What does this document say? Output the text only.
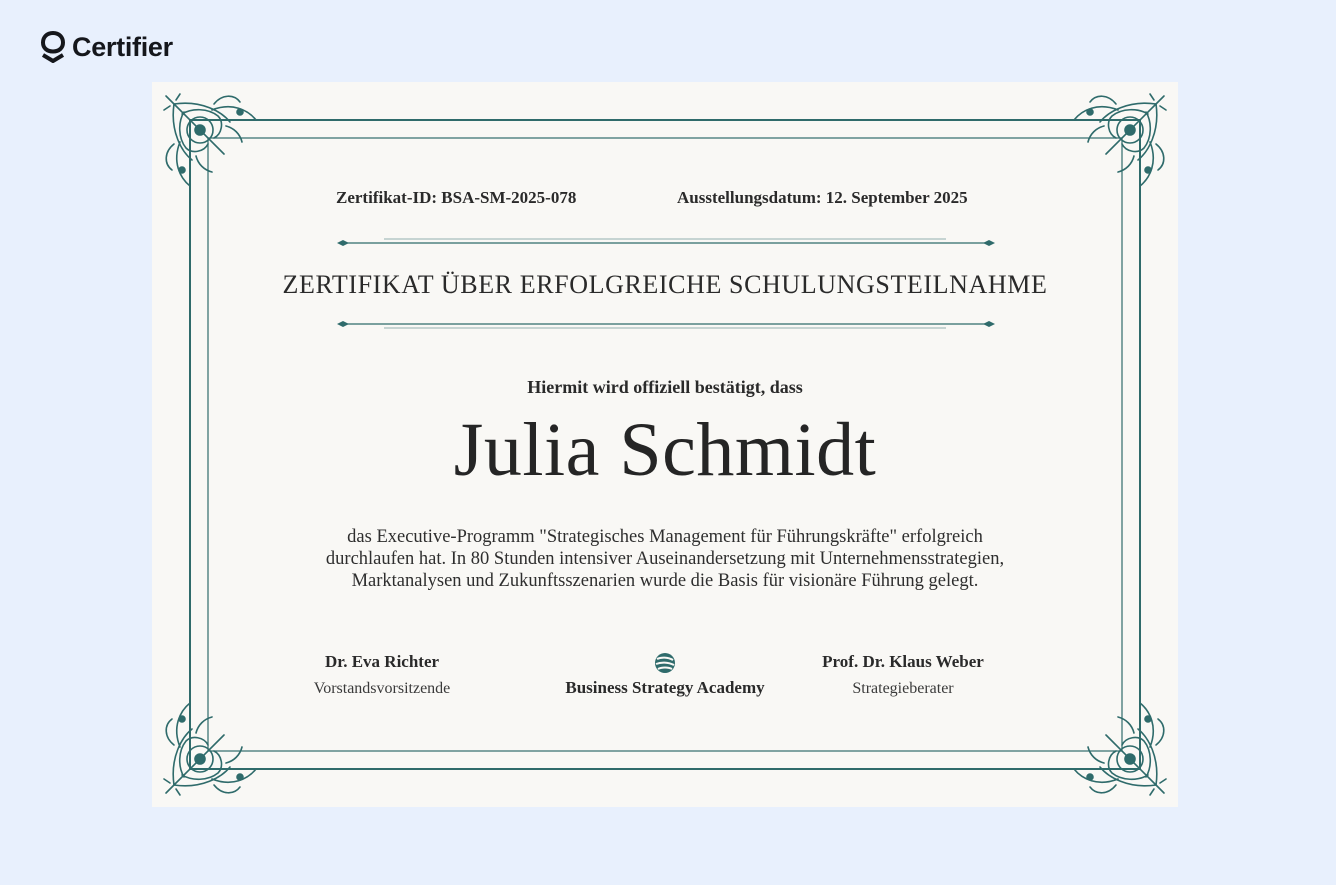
Certifier
Zertifikat-ID: BSA-SM-2025-078	Ausstellungsdatum: 12. September 2025
ZERTIFIKAT ÜBER ERFOLGREICHE SCHULUNGSTEILNAHME
Hiermit wird offiziell bestätigt, dass
Julia Schmidt
das Executive-Programm "Strategisches Management für Führungskräfte" erfolgreich
durchlaufen hat. In 80 Stunden intensiver Auseinandersetzung mit Unternehmensstrategien,
Marktanalysen und Zukunftsszenarien wurde die Basis für visionäre Führung gelegt.
Dr. Eva Richter
Vorstandsvorsitzende	Business Strategy Academy
Prof. Dr. Klaus Weber
Strategieberater
